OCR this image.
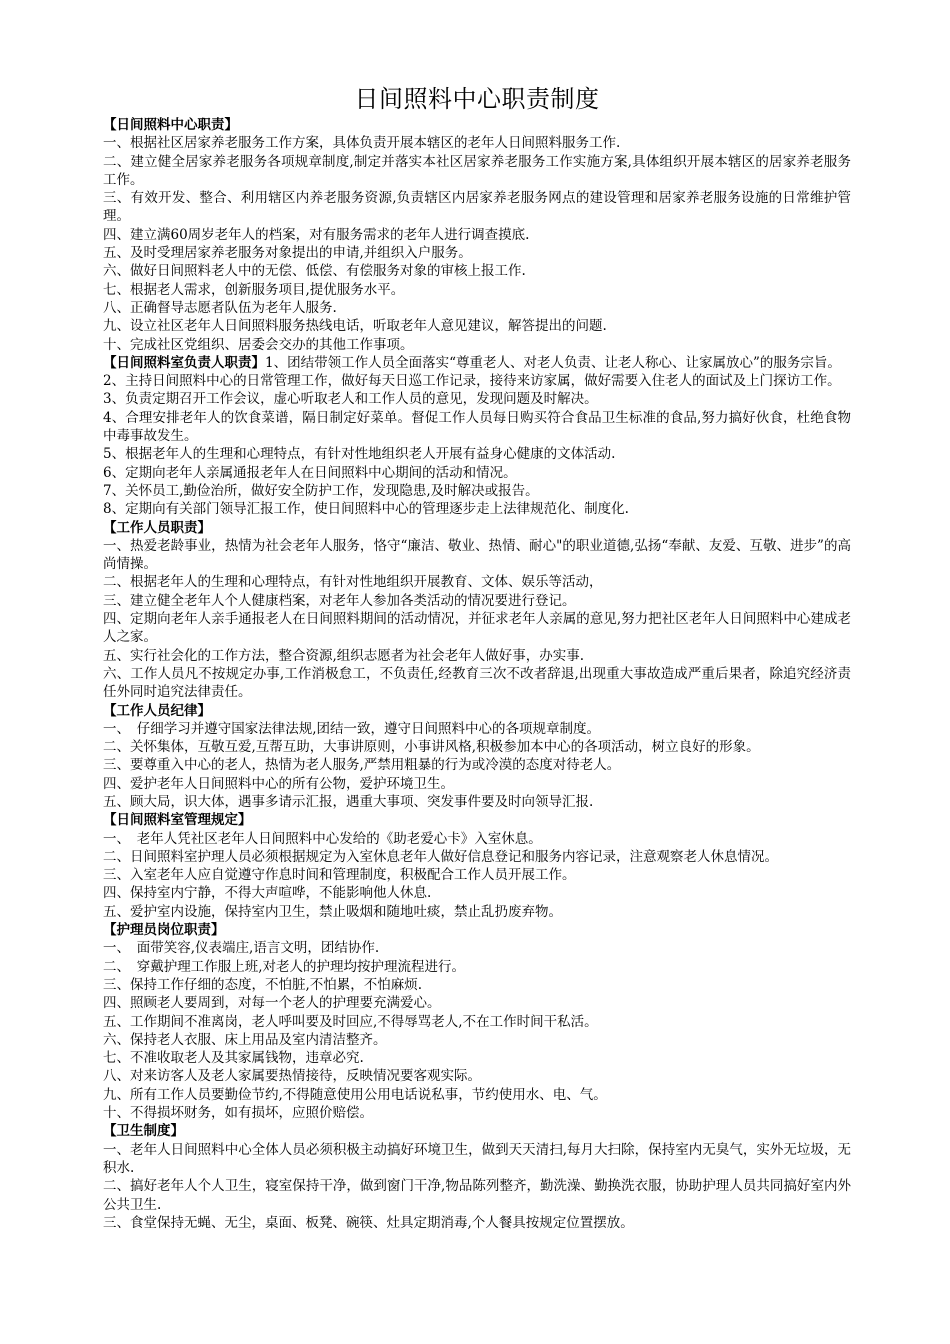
日间照料中心职责制度
【日间照料中心职责】

一、根据社区居家养老服务工作方案，具体负责开展本辖区的老年人日间照料服务工作.

二、建立健全居家养老服务各项规章制度,制定并落实本社区居家养老服务工作实施方案,具体组织开展本辖区的居家养老服务工作。

三、有效开发、整合、利用辖区内养老服务资源,负责辖区内居家养老服务网点的建设管理和居家养老服务设施的日常维护管理。

四、建立满60周岁老年人的档案，对有服务需求的老年人进行调查摸底.

五、及时受理居家养老服务对象提出的申请,并组织入户服务。

六、做好日间照料老人中的无偿、低偿、有偿服务对象的审核上报工作.

七、根据老人需求，创新服务项目,提优服务水平。

八、正确督导志愿者队伍为老年人服务.

九、设立社区老年人日间照料服务热线电话，听取老年人意见建议，解答提出的问题.

十、完成社区党组织、居委会交办的其他工作事项。

【日间照料室负责人职责】1、团结带领工作人员全面落实“尊重老人、对老人负责、让老人称心、让家属放心”的服务宗旨。

2、主持日间照料中心的日常管理工作，做好每天日巡工作记录，接待来访家属，做好需要入住老人的面试及上门探访工作。

3、负责定期召开工作会议，虚心听取老人和工作人员的意见，发现问题及时解决。

4、合理安排老年人的饮食菜谱，隔日制定好菜单。督促工作人员每日购买符合食品卫生标准的食品,努力搞好伙食，杜绝食物中毒事故发生。

5、根据老年人的生理和心理特点，有针对性地组织老人开展有益身心健康的文体活动.

6、定期向老年人亲属通报老年人在日间照料中心期间的活动和情况。

7、关怀员工,勤俭治所，做好安全防护工作，发现隐患,及时解决或报告。

8、定期向有关部门领导汇报工作，使日间照料中心的管理逐步走上法律规范化、制度化.

【工作人员职责】

一、热爱老龄事业，热情为社会老年人服务，恪守“廉洁、敬业、热情、耐心"的职业道德,弘扬“奉献、友爱、互敬、进步”的高尚情操。

二、根据老年人的生理和心理特点，有针对性地组织开展教育、文体、娱乐等活动，

三、建立健全老年人个人健康档案，对老年人参加各类活动的情况要进行登记。

四、定期向老年人亲手通报老人在日间照料期间的活动情况，并征求老年人亲属的意见,努力把社区老年人日间照料中心建成老人之家。

五、实行社会化的工作方法，整合资源,组织志愿者为社会老年人做好事，办实事.

六、工作人员凡不按规定办事,工作消极怠工，不负责任,经教育三次不改者辞退,出现重大事故造成严重后果者，除追究经济责任外同时追究法律责任。

【工作人员纪律】

一、　仔细学习并遵守国家法律法规,团结一致，遵守日间照料中心的各项规章制度。

二、关怀集体，互敬互爱,互帮互助，大事讲原则，小事讲风格,积极参加本中心的各项活动，树立良好的形象。

三、要尊重入中心的老人，热情为老人服务,严禁用粗暴的行为或冷漠的态度对待老人。

四、爱护老年人日间照料中心的所有公物，爱护环境卫生。

五、顾大局，识大体，遇事多请示汇报，遇重大事项、突发事件要及时向领导汇报.

【日间照料室管理规定】

一、　老年人凭社区老年人日间照料中心发给的《助老爱心卡》入室休息。

二、日间照料室护理人员必须根据规定为入室休息老年人做好信息登记和服务内容记录，注意观察老人休息情况。

三、入室老年人应自觉遵守作息时间和管理制度，积极配合工作人员开展工作。

四、保持室内宁静，不得大声喧哗，不能影响他人休息.

五、爱护室内设施，保持室内卫生，禁止吸烟和随地吐痰，禁止乱扔废弃物。

【护理员岗位职责】

一、　面带笑容,仪表端庄,语言文明，团结协作.

二、　穿戴护理工作服上班,对老人的护理均按护理流程进行。

三、保持工作仔细的态度，不怕脏,不怕累，不怕麻烦.

四、照顾老人要周到，对每一个老人的护理要充满爱心。

五、工作期间不准离岗，老人呼叫要及时回应,不得辱骂老人,不在工作时间干私活。

六、保持老人衣服、床上用品及室内清洁整齐。

七、不准收取老人及其家属钱物，违章必究.

八、对来访客人及老人家属要热情接待，反映情况要客观实际。

九、所有工作人员要勤俭节约,不得随意使用公用电话说私事，节约使用水、电、气。

十、不得损坏财务，如有损坏，应照价赔偿。

【卫生制度】

一、老年人日间照料中心全体人员必须积极主动搞好环境卫生，做到天天清扫,每月大扫除，保持室内无臭气，实外无垃圾，无积水.

二、搞好老年人个人卫生，寝室保持干净，做到窗门干净,物品陈列整齐，勤洗澡、勤换洗衣服，协助护理人员共同搞好室内外公共卫生.

三、食堂保持无蝇、无尘，桌面、板凳、碗筷、灶具定期消毒,个人餐具按规定位置摆放。
